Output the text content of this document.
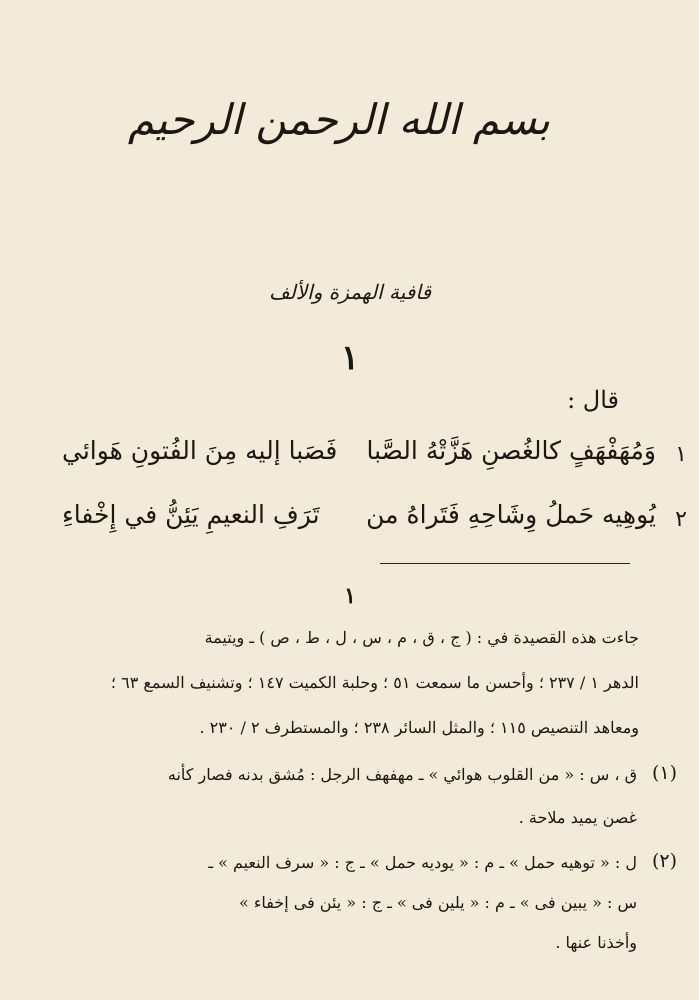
بسم الله الرحمن الرحيم
قافية الهمزة والألف
١
قال :
١
وَمُهَفْهَفٍ كالغُصنِ هَزَّتْهُ الصَّبا
فَصَبا إليه مِنَ الفُتونِ هَوائي
٢
يُوهِيه حَملُ وِشَاحِهِ فَتَراهُ من
تَرَفِ النعيمِ يَئِنُّ في إِخْفاءِ
١
جاءت هذه القصيدة في : ( ج ، ق ، م ، س ، ل ، ط ، ص ) ـ ويتيمة
الدهر ١ / ٢٣٧ ؛ وأحسن ما سمعت ٥١ ؛ وحلبة الكميت ١٤٧ ؛ وتشنيف السمع ٦٣ ؛
ومعاهد التنصيص ١١٥ ؛ والمثل السائر ٢٣٨ ؛ والمستطرف ٢ / ٢٣٠ .
(١)
ق ، س : « من القلوب هوائي » ـ مهفهف الرجل : مُشق بدنه فصار كأنه
غصن يميد ملاحة .
(٢)
ل : « توهيه حمل » ـ م : « يوديه حمل » ـ ج : « سرف النعيم » ـ
س : « يبين فى » ـ م : « يلين فى » ـ ج : « يئن فى إخفاء »
وأخذنا عنها .
